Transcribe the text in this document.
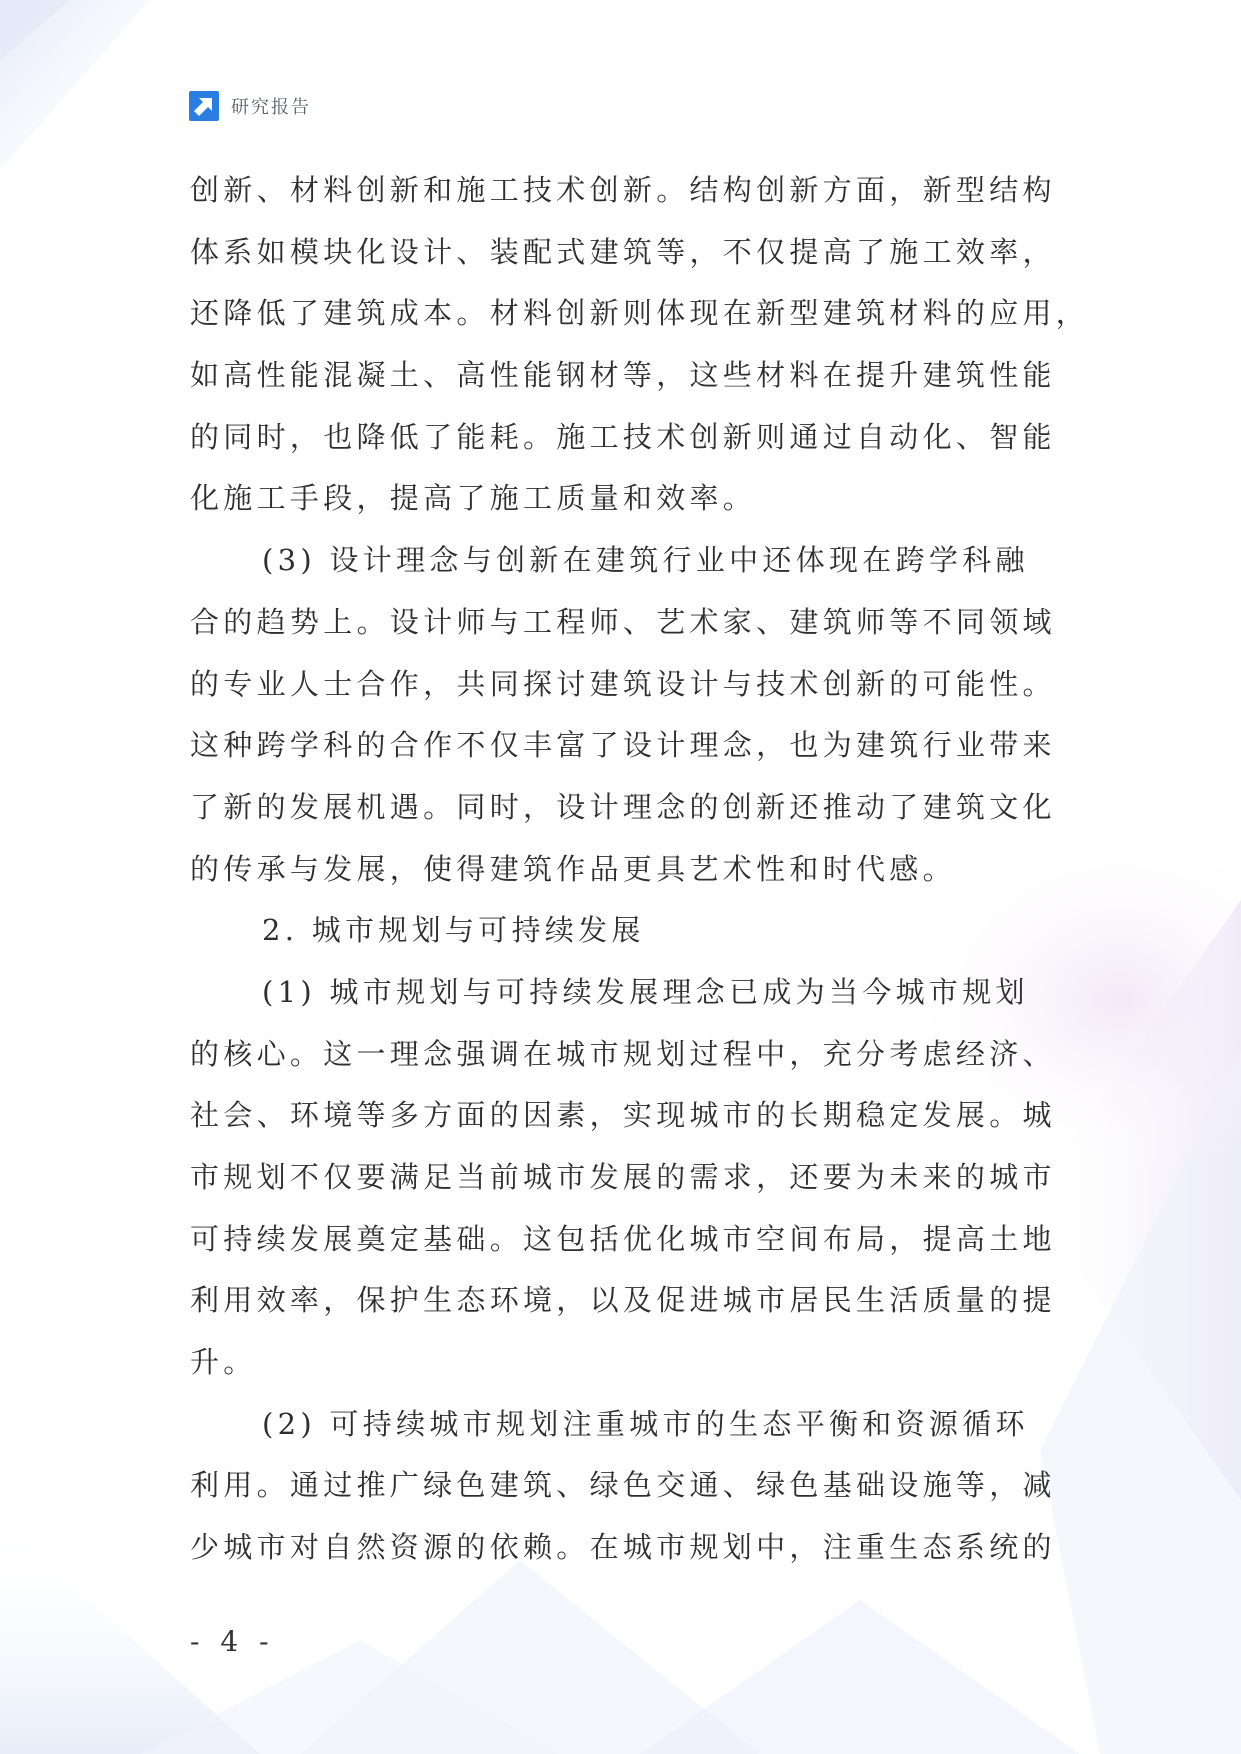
研究报告
创新、材料创新和施工技术创新。结构创新方面，新型结构
体系如模块化设计、装配式建筑等，不仅提高了施工效率，
还降低了建筑成本。材料创新则体现在新型建筑材料的应用，
如高性能混凝土、高性能钢材等，这些材料在提升建筑性能
的同时，也降低了能耗。施工技术创新则通过自动化、智能
化施工手段，提高了施工质量和效率。
(3) 设计理念与创新在建筑行业中还体现在跨学科融
合的趋势上。设计师与工程师、艺术家、建筑师等不同领域
的专业人士合作，共同探讨建筑设计与技术创新的可能性。
这种跨学科的合作不仅丰富了设计理念，也为建筑行业带来
了新的发展机遇。同时，设计理念的创新还推动了建筑文化
的传承与发展，使得建筑作品更具艺术性和时代感。
2. 城市规划与可持续发展
(1) 城市规划与可持续发展理念已成为当今城市规划
的核心。这一理念强调在城市规划过程中，充分考虑经济、
社会、环境等多方面的因素，实现城市的长期稳定发展。城
市规划不仅要满足当前城市发展的需求，还要为未来的城市
可持续发展奠定基础。这包括优化城市空间布局，提高土地
利用效率，保护生态环境，以及促进城市居民生活质量的提
升。
(2) 可持续城市规划注重城市的生态平衡和资源循环
利用。通过推广绿色建筑、绿色交通、绿色基础设施等，减
少城市对自然资源的依赖。在城市规划中，注重生态系统的
- 4 -
